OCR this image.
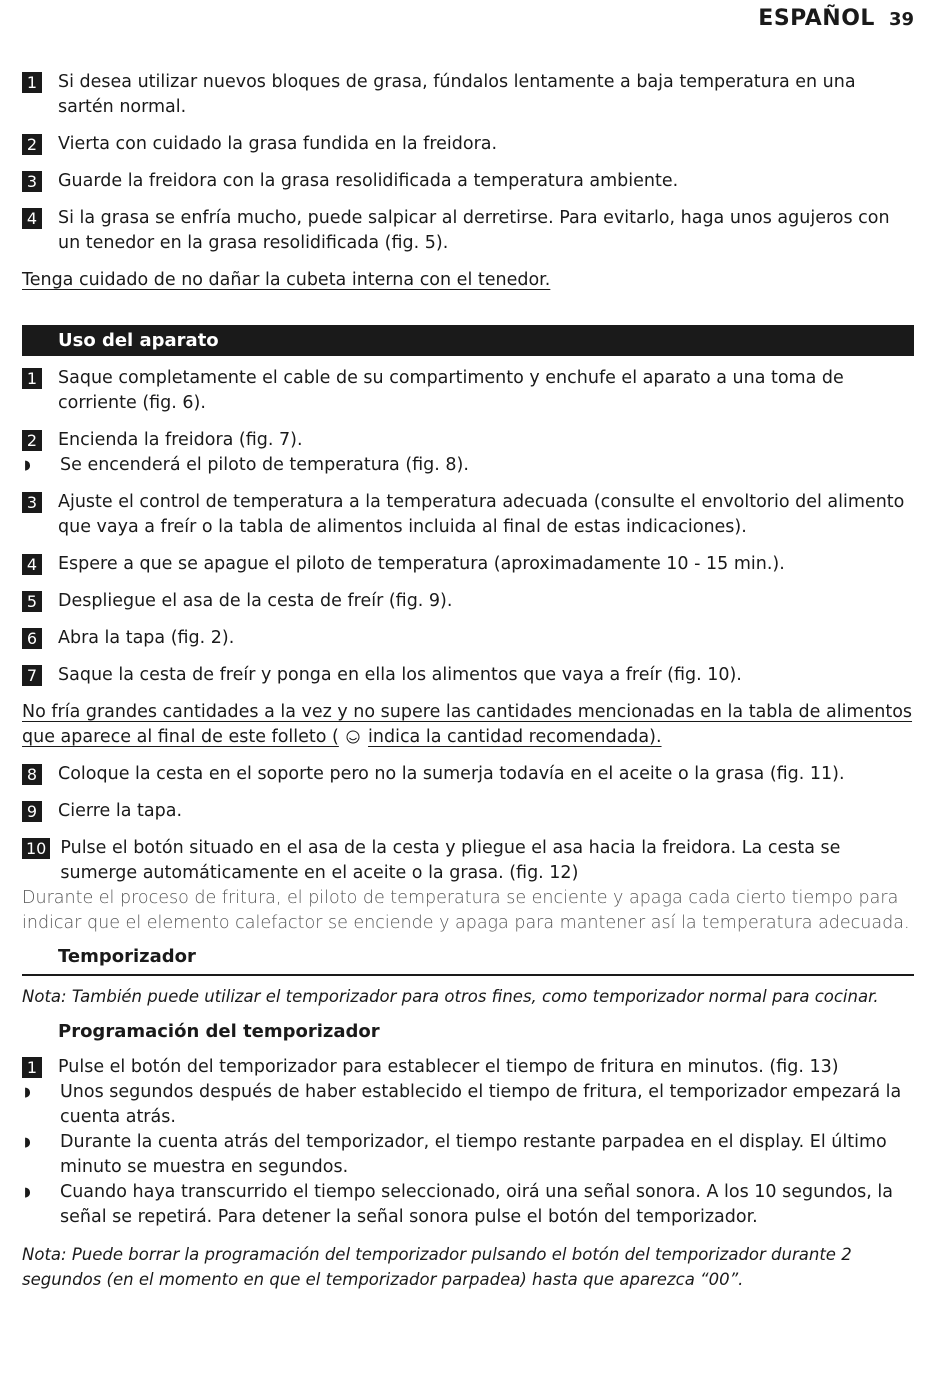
ESPAÑOL 39
1 Si desea utilizar nuevos bloques de grasa, fúndalos lentamente a baja temperatura en una sartén normal.
2 Vierta con cuidado la grasa fundida en la freidora.
3 Guarde la freidora con la grasa resolidificada a temperatura ambiente.
4 Si la grasa se enfría mucho, puede salpicar al derretirse. Para evitarlo, haga unos agujeros con un tenedor en la grasa resolidificada (fig. 5).
Tenga cuidado de no dañar la cubeta interna con el tenedor.
Uso del aparato
1 Saque completamente el cable de su compartimento y enchufe el aparato a una toma de corriente (fig. 6).
2 Encienda la freidora (fig. 7).
◗	Se encenderá el piloto de temperatura (fig. 8).
3 Ajuste el control de temperatura a la temperatura adecuada (consulte el envoltorio del alimento que vaya a freír o la tabla de alimentos incluida al final de estas indicaciones).
4 Espere a que se apague el piloto de temperatura (aproximadamente 10 - 15 min.).
5 Despliegue el asa de la cesta de freír (fig. 9).
6 Abra la tapa (fig. 2).
7 Saque la cesta de freír y ponga en ella los alimentos que vaya a freír (fig. 10).
No fría grandes cantidades a la vez y no supere las cantidades mencionadas en la tabla de alimentos que aparece al final de este folleto ( indica la cantidad recomendada).
8 Coloque la cesta en el soporte pero no la sumerja todavía en el aceite o la grasa (fig. 11).
9 Cierre la tapa.
10 Pulse el botón situado en el asa de la cesta y pliegue el asa hacia la freidora. La cesta se sumerge automáticamente en el aceite o la grasa. (fig. 12)
Durante el proceso de fritura, el piloto de temperatura se enciente y apaga cada cierto tiempo para indicar que el elemento calefactor se enciende y apaga para mantener así la temperatura adecuada.
Temporizador
Nota: También puede utilizar el temporizador para otros fines, como temporizador normal para cocinar.
Programación del temporizador
1 Pulse el botón del temporizador para establecer el tiempo de fritura en minutos. (fig. 13)
◗	Unos segundos después de haber establecido el tiempo de fritura, el temporizador empezará la cuenta atrás.
◗	Durante la cuenta atrás del temporizador, el tiempo restante parpadea en el display. El último minuto se muestra en segundos.
◗	Cuando haya transcurrido el tiempo seleccionado, oirá una señal sonora. A los 10 segundos, la señal se repetirá. Para detener la señal sonora pulse el botón del temporizador.
Nota: Puede borrar la programación del temporizador pulsando el botón del temporizador durante 2 segundos (en el momento en que el temporizador parpadea) hasta que aparezca “00”.
